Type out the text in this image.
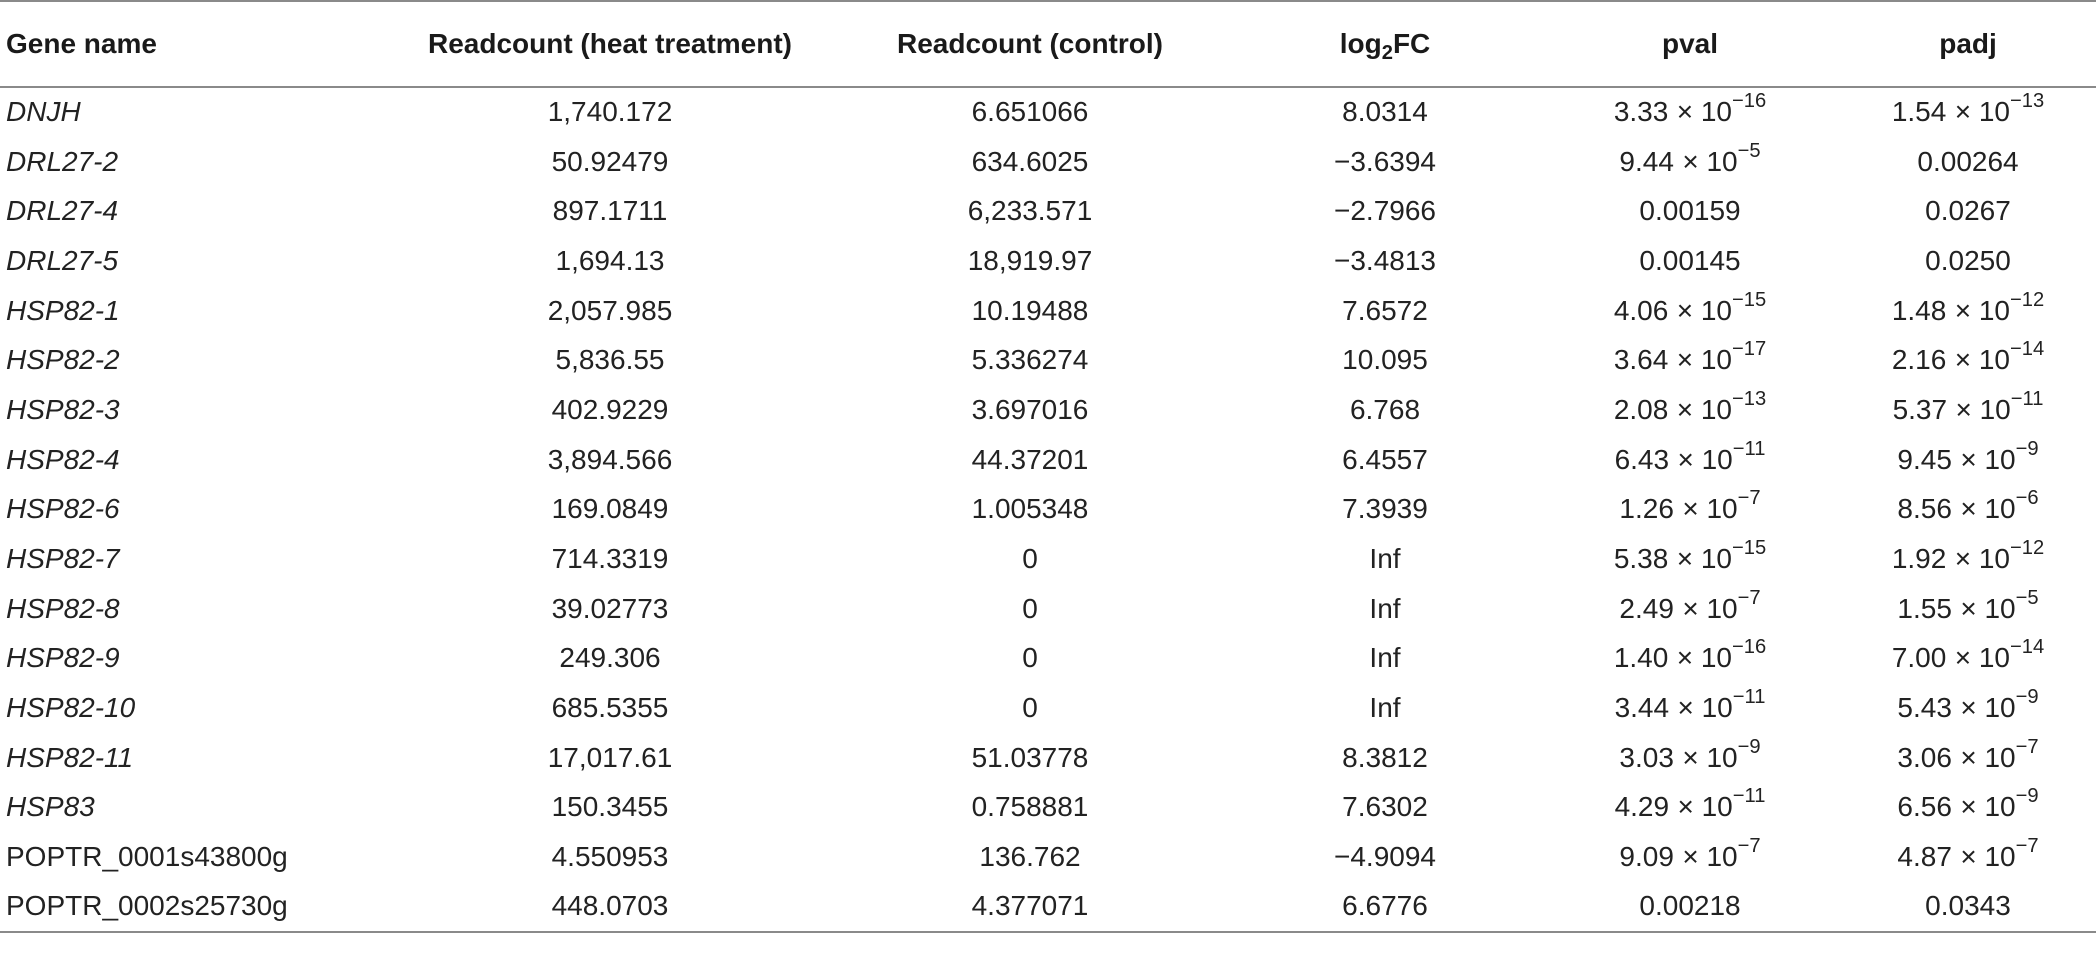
Gene name	Readcount (heat treatment)	Readcount (control)	$\log_2FC$	pval	padj
DNJH	1,740.172	6.651066	8.0314	$3.33 \times 10^{-16}$	$1.54 \times 10^{-13}$
DRL27-2	50.92479	634.6025	−3.6394	$9.44 \times 10^{-5}$	0.00264
DRL27-4	897.1711	6,233.571	−2.7966	0.00159	0.0267
DRL27-5	1,694.13	18,919.97	−3.4813	0.00145	0.0250
HSP82-1	2,057.985	10.19488	7.6572	$4.06 \times 10^{-15}$	$1.48 \times 10^{-12}$
HSP82-2	5,836.55	5.336274	10.095	$3.64 \times 10^{-17}$	$2.16 \times 10^{-14}$
HSP82-3	402.9229	3.697016	6.768	$2.08 \times 10^{-13}$	$5.37 \times 10^{-11}$
HSP82-4	3,894.566	44.37201	6.4557	$6.43 \times 10^{-11}$	$9.45 \times 10^{-9}$
HSP82-6	169.0849	1.005348	7.3939	$1.26 \times 10^{-7}$	$8.56 \times 10^{-6}$
HSP82-7	714.3319	0	Inf	$5.38 \times 10^{-15}$	$1.92 \times 10^{-12}$
HSP82-8	39.02773	0	Inf	$2.49 \times 10^{-7}$	$1.55 \times 10^{-5}$
HSP82-9	249.306	0	Inf	$1.40 \times 10^{-16}$	$7.00 \times 10^{-14}$
HSP82-10	685.5355	0	Inf	$3.44 \times 10^{-11}$	$5.43 \times 10^{-9}$
HSP82-11	17,017.61	51.03778	8.3812	$3.03 \times 10^{-9}$	$3.06 \times 10^{-7}$
HSP83	150.3455	0.758881	7.6302	$4.29 \times 10^{-11}$	$6.56 \times 10^{-9}$
POPTR_0001s43800g	4.550953	136.762	−4.9094	$9.09 \times 10^{-7}$	$4.87 \times 10^{-7}$
POPTR_0002s25730g	448.0703	4.377071	6.6776	0.00218	0.0343
